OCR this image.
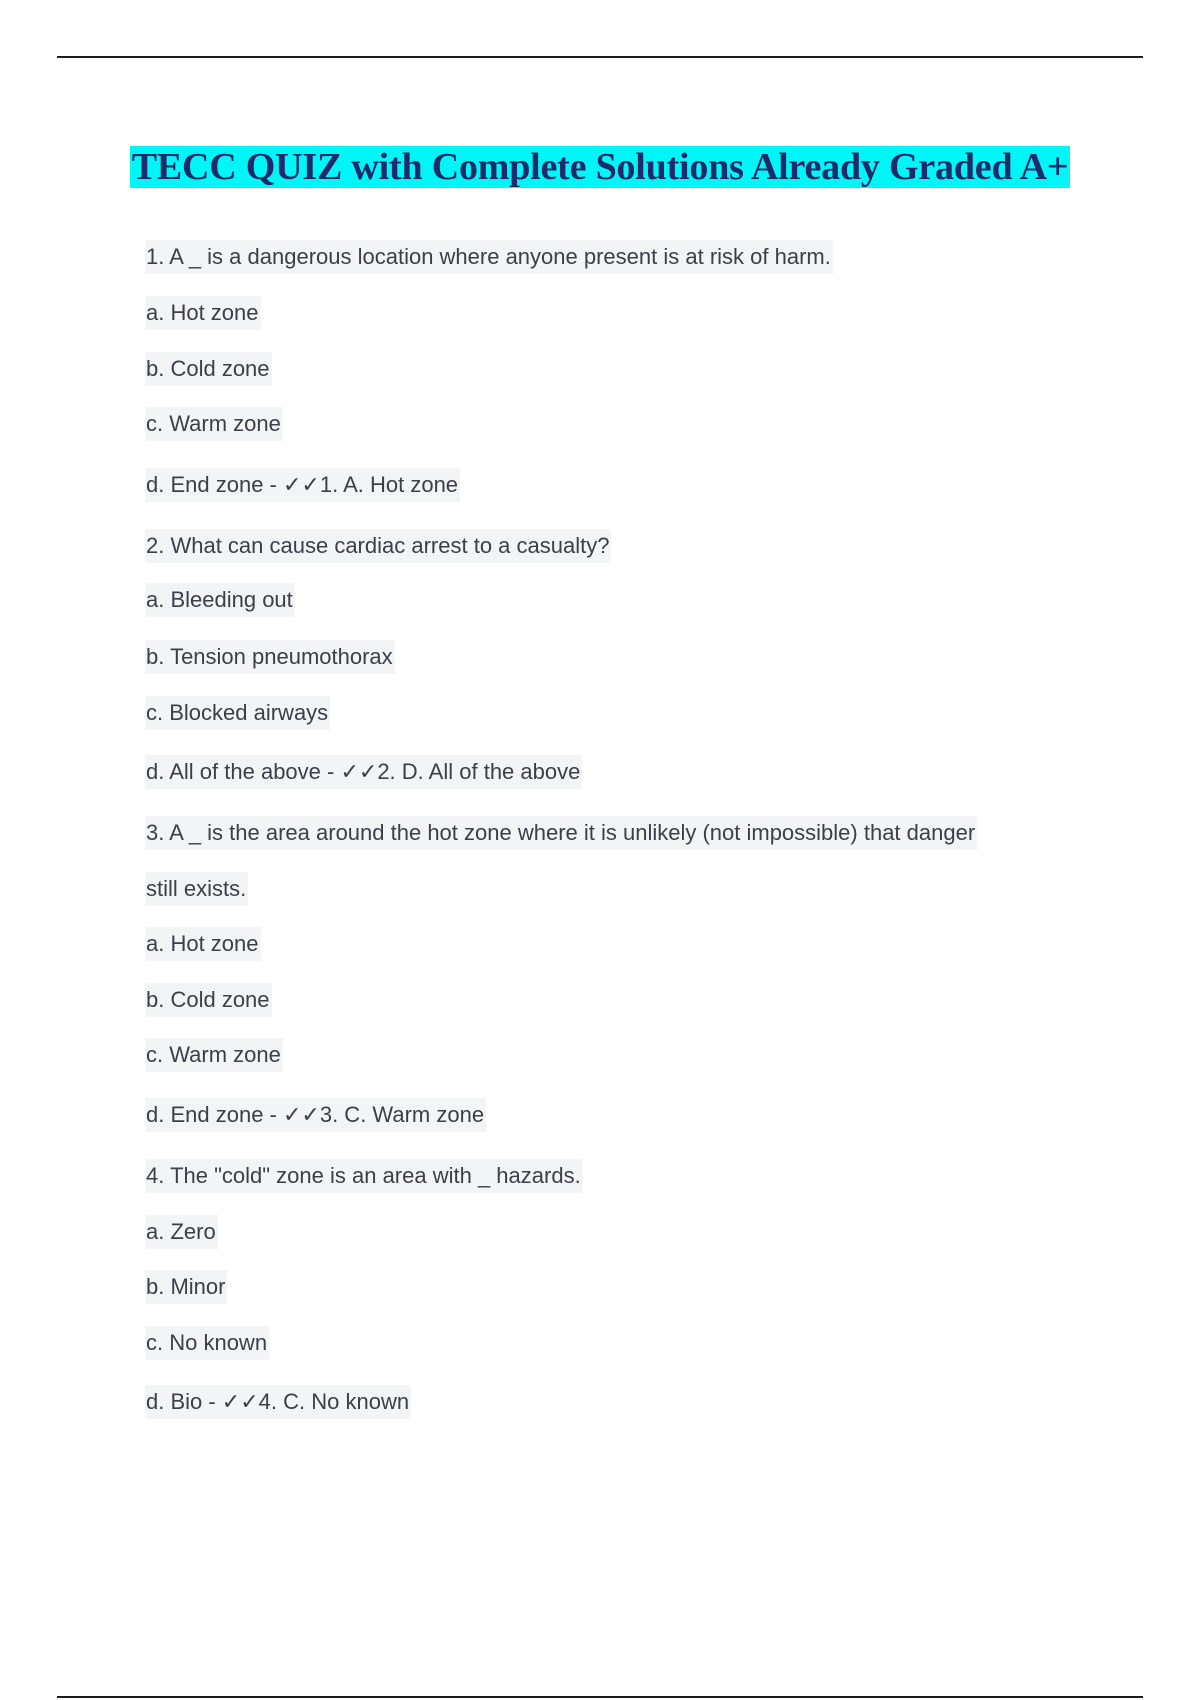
TECC QUIZ with Complete Solutions Already Graded A+
1. A _ is a dangerous location where anyone present is at risk of harm.
a. Hot zone
b. Cold zone
c. Warm zone
d. End zone - ✓✓1. A. Hot zone
2. What can cause cardiac arrest to a casualty?
a. Bleeding out
b. Tension pneumothorax
c. Blocked airways
d. All of the above - ✓✓2. D. All of the above
3. A _ is the area around the hot zone where it is unlikely (not impossible) that danger
still exists.
a. Hot zone
b. Cold zone
c. Warm zone
d. End zone - ✓✓3. C. Warm zone
4. The "cold" zone is an area with _ hazards.
a. Zero
b. Minor
c. No known
d. Bio - ✓✓4. C. No known
